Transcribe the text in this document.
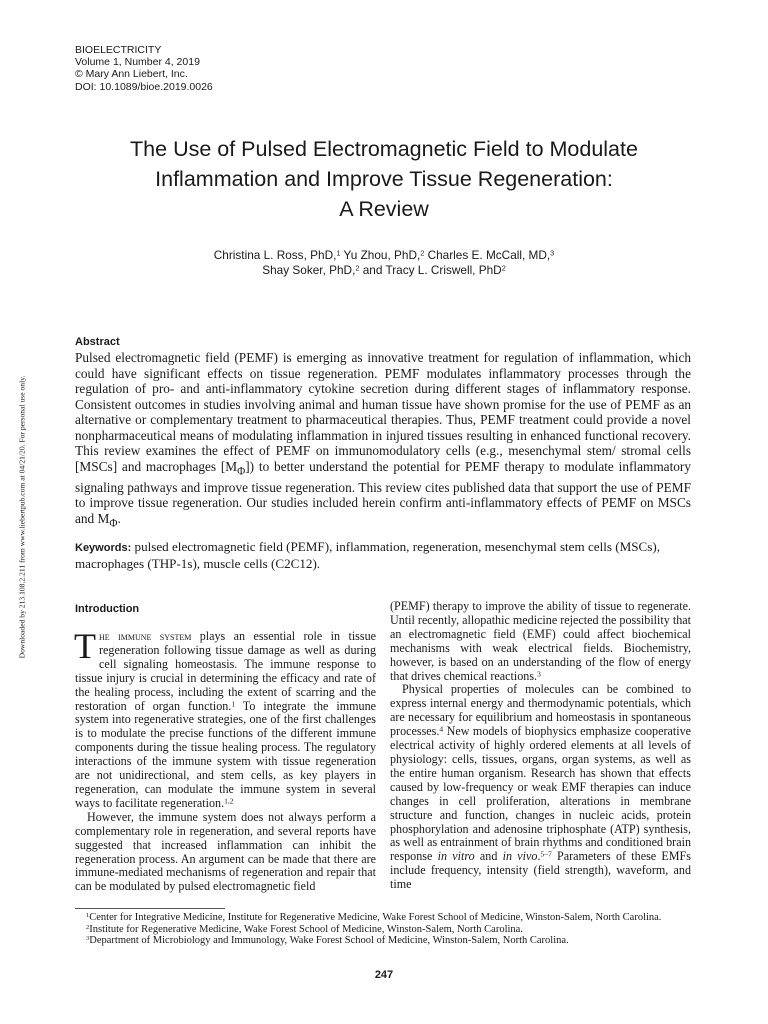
BIOELECTRICITY
Volume 1, Number 4, 2019
© Mary Ann Liebert, Inc.
DOI: 10.1089/bioe.2019.0026
The Use of Pulsed Electromagnetic Field to Modulate
Inflammation and Improve Tissue Regeneration:
A Review
Christina L. Ross, PhD,$^1$ Yu Zhou, PhD,$^2$ Charles E. McCall, MD,$^3$
Shay Soker, PhD,$^2$ and Tracy L. Criswell, PhD$^2$
Downloaded by 213.108.2.211 from www.liebertpub.com at 04/21/20. For personal use only.
Abstract

Pulsed electromagnetic field (PEMF) is emerging as innovative treatment for regulation of inflammation, which could have significant effects on tissue regeneration. PEMF modulates inflammatory processes through the regulation of pro- and anti-inflammatory cytokine secretion during different stages of inflammatory response. Consistent outcomes in studies involving animal and human tissue have shown promise for the use of PEMF as an alternative or complementary treatment to pharmaceutical therapies. Thus, PEMF treatment could provide a novel nonpharmaceutical means of modulating inflammation in injured tissues resulting in enhanced functional recovery. This review examines the effect of PEMF on immunomodulatory cells (e.g., mesenchymal stem/ stromal cells [MSCs] and macrophages $[M_\Phi]$) to better understand the potential for PEMF therapy to modulate inflammatory signaling pathways and improve tissue regeneration. This review cites published data that support the use of PEMF to improve tissue regeneration. Our studies included herein confirm anti-inflammatory effects of PEMF on MSCs and $M_\Phi$.

Keywords: pulsed electromagnetic field (PEMF), inflammation, regeneration, mesenchymal stem cells (MSCs), macrophages (THP-1s), muscle cells (C2C12).
Introduction

The immune system plays an essential role in tissue regeneration following tissue damage as well as during cell signaling homeostasis. The immune response to tissue injury is crucial in determining the efficacy and rate of the healing process, including the extent of scarring and the restoration of organ function.$^1$ To integrate the immune system into regenerative strategies, one of the first challenges is to modulate the precise functions of the different immune components during the tissue healing process. The regulatory interactions of the immune system with tissue regeneration are not unidirectional, and stem cells, as key players in regeneration, can modulate the immune system in several ways to facilitate regeneration.$^{1,2}$

However, the immune system does not always perform a complementary role in regeneration, and several reports have suggested that increased inflammation can inhibit the regeneration process. An argument can be made that there are immune-mediated mechanisms of regeneration and repair that can be modulated by pulsed electromagnetic field

(PEMF) therapy to improve the ability of tissue to regenerate. Until recently, allopathic medicine rejected the possibility that an electromagnetic field (EMF) could affect biochemical mechanisms with weak electrical fields. Biochemistry, however, is based on an understanding of the flow of energy that drives chemical reactions.$^3$

Physical properties of molecules can be combined to express internal energy and thermodynamic potentials, which are necessary for equilibrium and homeostasis in spontaneous processes.$^4$ New models of biophysics emphasize cooperative electrical activity of highly ordered elements at all levels of physiology: cells, tissues, organs, organ systems, as well as the entire human organism. Research has shown that effects caused by low-frequency or weak EMF therapies can induce changes in cell proliferation, alterations in membrane structure and function, changes in nucleic acids, protein phosphorylation and adenosine triphosphate (ATP) synthesis, as well as entrainment of brain rhythms and conditioned brain response in vitro and in vivo.$^{5-7}$ Parameters of these EMFs include frequency, intensity (field strength), waveform, and time

$^1$Center for Integrative Medicine, Institute for Regenerative Medicine, Wake Forest School of Medicine, Winston-Salem, North Carolina.
$^2$Institute for Regenerative Medicine, Wake Forest School of Medicine, Winston-Salem, North Carolina.
$^3$Department of Microbiology and Immunology, Wake Forest School of Medicine, Winston-Salem, North Carolina.
247
